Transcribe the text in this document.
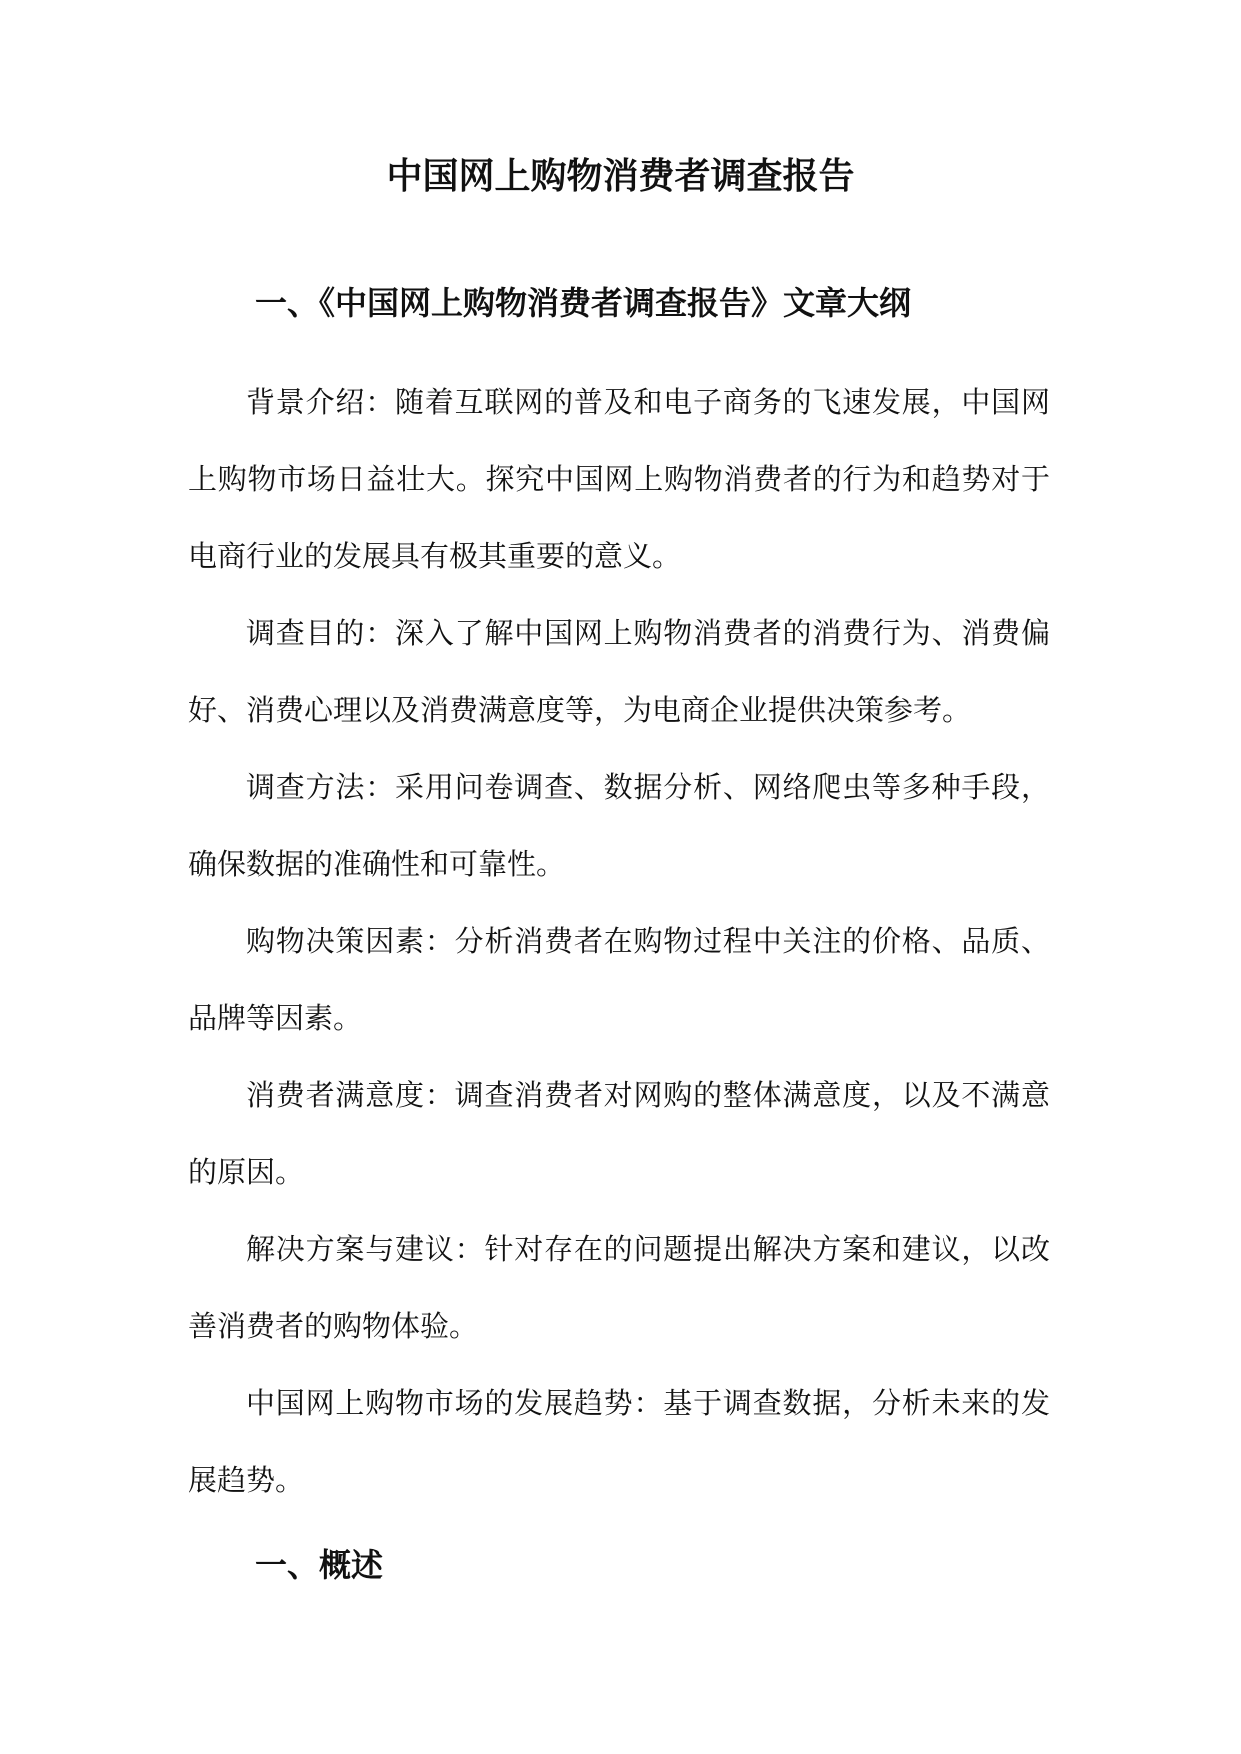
中国网上购物消费者调查报告
一、《中国网上购物消费者调查报告》文章大纲

背景介绍：随着互联网的普及和电子商务的飞速发展，中国网上购物市场日益壮大。探究中国网上购物消费者的行为和趋势对于电商行业的发展具有极其重要的意义。

调查目的：深入了解中国网上购物消费者的消费行为、消费偏好、消费心理以及消费满意度等，为电商企业提供决策参考。

调查方法：采用问卷调查、数据分析、网络爬虫等多种手段，确保数据的准确性和可靠性。

购物决策因素：分析消费者在购物过程中关注的价格、品质、品牌等因素。

消费者满意度：调查消费者对网购的整体满意度，以及不满意的原因。

解决方案与建议：针对存在的问题提出解决方案和建议，以改善消费者的购物体验。

中国网上购物市场的发展趋势：基于调查数据，分析未来的发展趋势。

一、概述
